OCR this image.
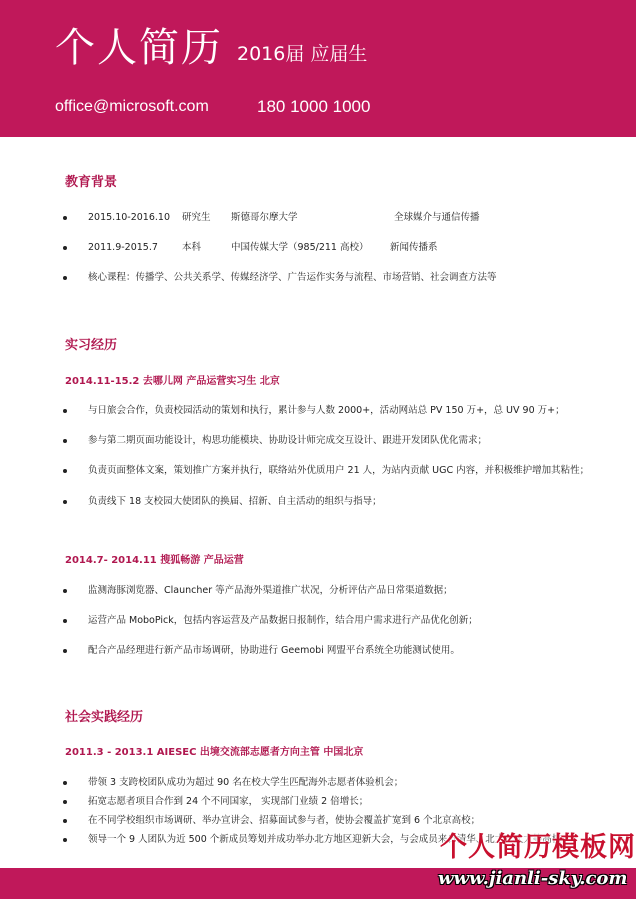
个人简历 2016届 应届生
office@microsoft.com	180 1000 1000
教育背景
2015.10-2016.10 研究生 斯德哥尔摩大学	全球媒介与通信传播
2011.9-2015.7	本科	中国传媒大学（985/211 高校） 新闻传播系
核心课程：传播学、公共关系学、传媒经济学、广告运作实务与流程、市场营销、社会调查方法等
实习经历
2014.11-15.2 去哪儿网 产品运营实习生 北京
与日旅会合作，负责校园活动的策划和执行，累计参与人数 2000+，活动网站总 PV 150 万+，总 UV 90 万+；
参与第二期页面功能设计，构思功能模块、协助设计师完成交互设计、跟进开发团队优化需求；
负责页面整体文案，策划推广方案并执行，联络站外优质用户 21 人，为站内贡献 UGC 内容，并积极维护增加其粘性；
负责线下 18 支校园大使团队的换届、招新、自主活动的组织与指导；
2014.7- 2014.11 搜狐畅游 产品运营
监测海豚浏览器、Clauncher 等产品海外渠道推广状况，分析评估产品日常渠道数据；
运营产品 MoboPick，包括内容运营及产品数据日报制作，结合用户需求进行产品优化创新；
配合产品经理进行新产品市场调研，协助进行 Geemobi 网盟平台系统全功能测试使用。
社会实践经历
2011.3 - 2013.1 AIESEC 出境交流部志愿者方向主管 中国北京
带领 3 支跨校团队成功为超过 90 名在校大学生匹配海外志愿者体验机会；
拓宽志愿者项目合作到 24 个不同国家， 实现部门业绩 2 倍增长；
在不同学校组织市场调研、举办宣讲会、招募面试参与者，使协会覆盖扩宽到 6 个北京高校；
领导一个 9 人团队为近 500 个新成员筹划并成功举办北方地区迎新大会，与会成员来自清华、北大、人大等高校
个人简历模板网
www.jianli-sky.com
